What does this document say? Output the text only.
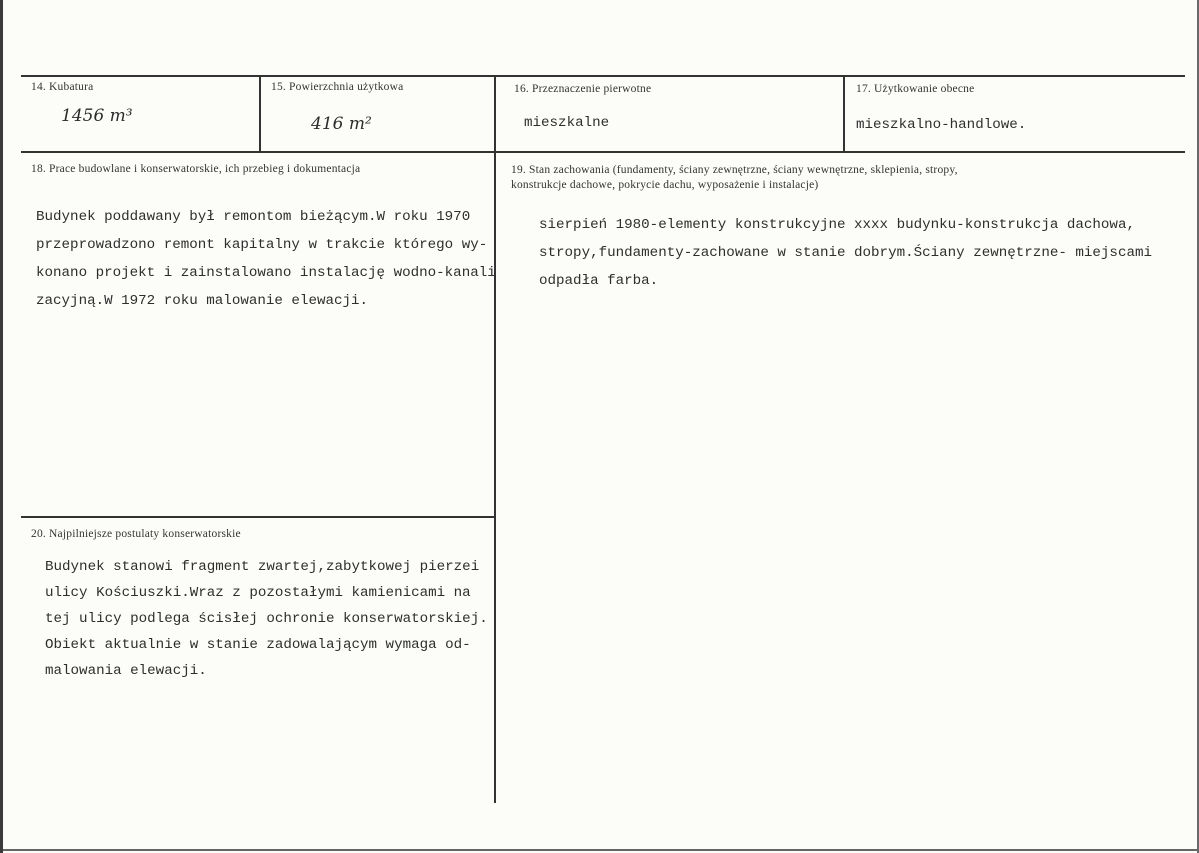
14. Kubatura
1456 m³
15. Powierzchnia użytkowa
416 m²
16. Przeznaczenie pierwotne
mieszkalne
17. Użytkowanie obecne
mieszkalno-handlowe.
18. Prace budowlane i konserwatorskie, ich przebieg i dokumentacja
Budynek poddawany był remontom bieżącym.W roku 1970
przeprowadzono remont kapitalny w trakcie którego wy-
konano projekt i zainstalowano instalację wodno-kanali
zacyjną.W 1972 roku malowanie elewacji.
19. Stan zachowania (fundamenty, ściany zewnętrzne, ściany wewnętrzne, sklepienia, stropy,
konstrukcje dachowe, pokrycie dachu, wyposażenie i instalacje)
sierpień 1980-elementy konstrukcyjne xxxx budynku-konstrukcja dachowa,
stropy,fundamenty-zachowane w stanie dobrym.Ściany zewnętrzne- miejscami
odpadła farba.
20. Najpilniejsze postulaty konserwatorskie
Budynek stanowi fragment zwartej,zabytkowej pierzei
ulicy Kościuszki.Wraz z pozostałymi kamienicami na
tej ulicy podlega ścisłej ochronie konserwatorskiej.
Obiekt aktualnie w stanie zadowalającym wymaga od-
malowania elewacji.
